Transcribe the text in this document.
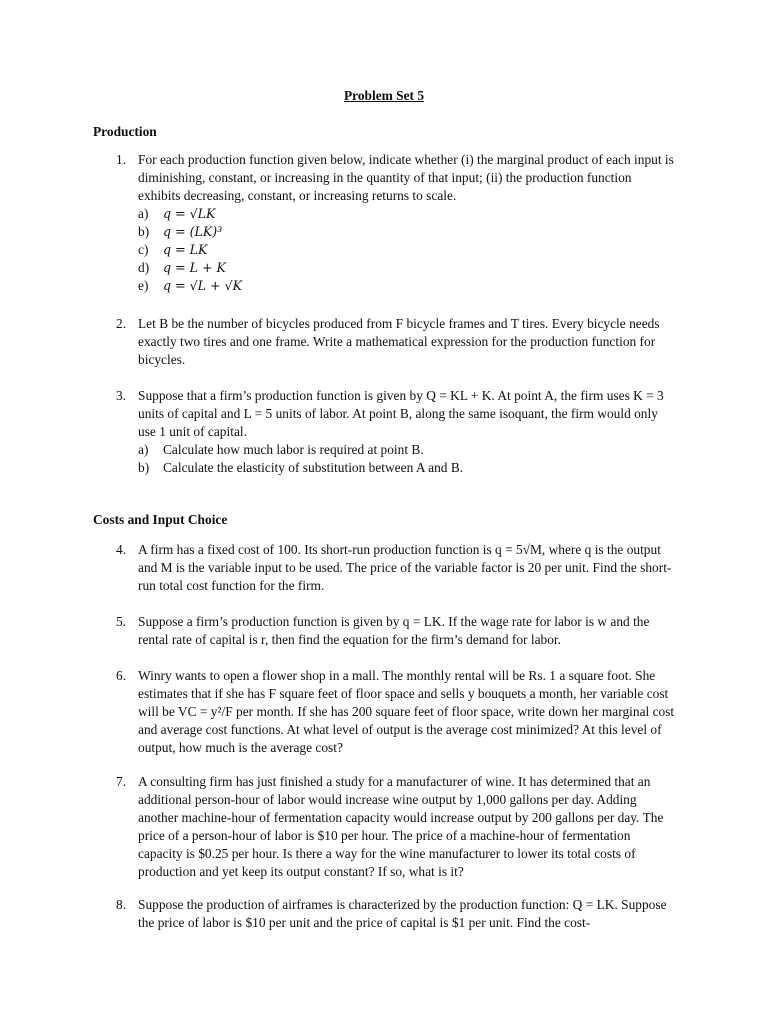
Problem Set 5
Production
1. For each production function given below, indicate whether (i) the marginal product of each input is diminishing, constant, or increasing in the quantity of that input; (ii) the production function exhibits decreasing, constant, or increasing returns to scale.
a) q = √LK
b) q = (LK)³
c) q = LK
d) q = L + K
e) q = √L + √K
2. Let B be the number of bicycles produced from F bicycle frames and T tires. Every bicycle needs exactly two tires and one frame. Write a mathematical expression for the production function for bicycles.
3. Suppose that a firm’s production function is given by Q = KL + K. At point A, the firm uses K = 3 units of capital and L = 5 units of labor. At point B, along the same isoquant, the firm would only use 1 unit of capital.
a) Calculate how much labor is required at point B.
b) Calculate the elasticity of substitution between A and B.
Costs and Input Choice
4. A firm has a fixed cost of 100. Its short-run production function is q = 5√M, where q is the output and M is the variable input to be used. The price of the variable factor is 20 per unit. Find the short-run total cost function for the firm.
5. Suppose a firm’s production function is given by q = LK. If the wage rate for labor is w and the rental rate of capital is r, then find the equation for the firm’s demand for labor.
6. Winry wants to open a flower shop in a mall. The monthly rental will be Rs. 1 a square foot. She estimates that if she has F square feet of floor space and sells y bouquets a month, her variable cost will be VC = y²/F per month. If she has 200 square feet of floor space, write down her marginal cost and average cost functions. At what level of output is the average cost minimized? At this level of output, how much is the average cost?
7. A consulting firm has just finished a study for a manufacturer of wine. It has determined that an additional person-hour of labor would increase wine output by 1,000 gallons per day. Adding another machine-hour of fermentation capacity would increase output by 200 gallons per day. The price of a person-hour of labor is $10 per hour. The price of a machine-hour of fermentation capacity is $0.25 per hour. Is there a way for the wine manufacturer to lower its total costs of production and yet keep its output constant? If so, what is it?
8. Suppose the production of airframes is characterized by the production function: Q = LK. Suppose the price of labor is $10 per unit and the price of capital is $1 per unit. Find the cost-
